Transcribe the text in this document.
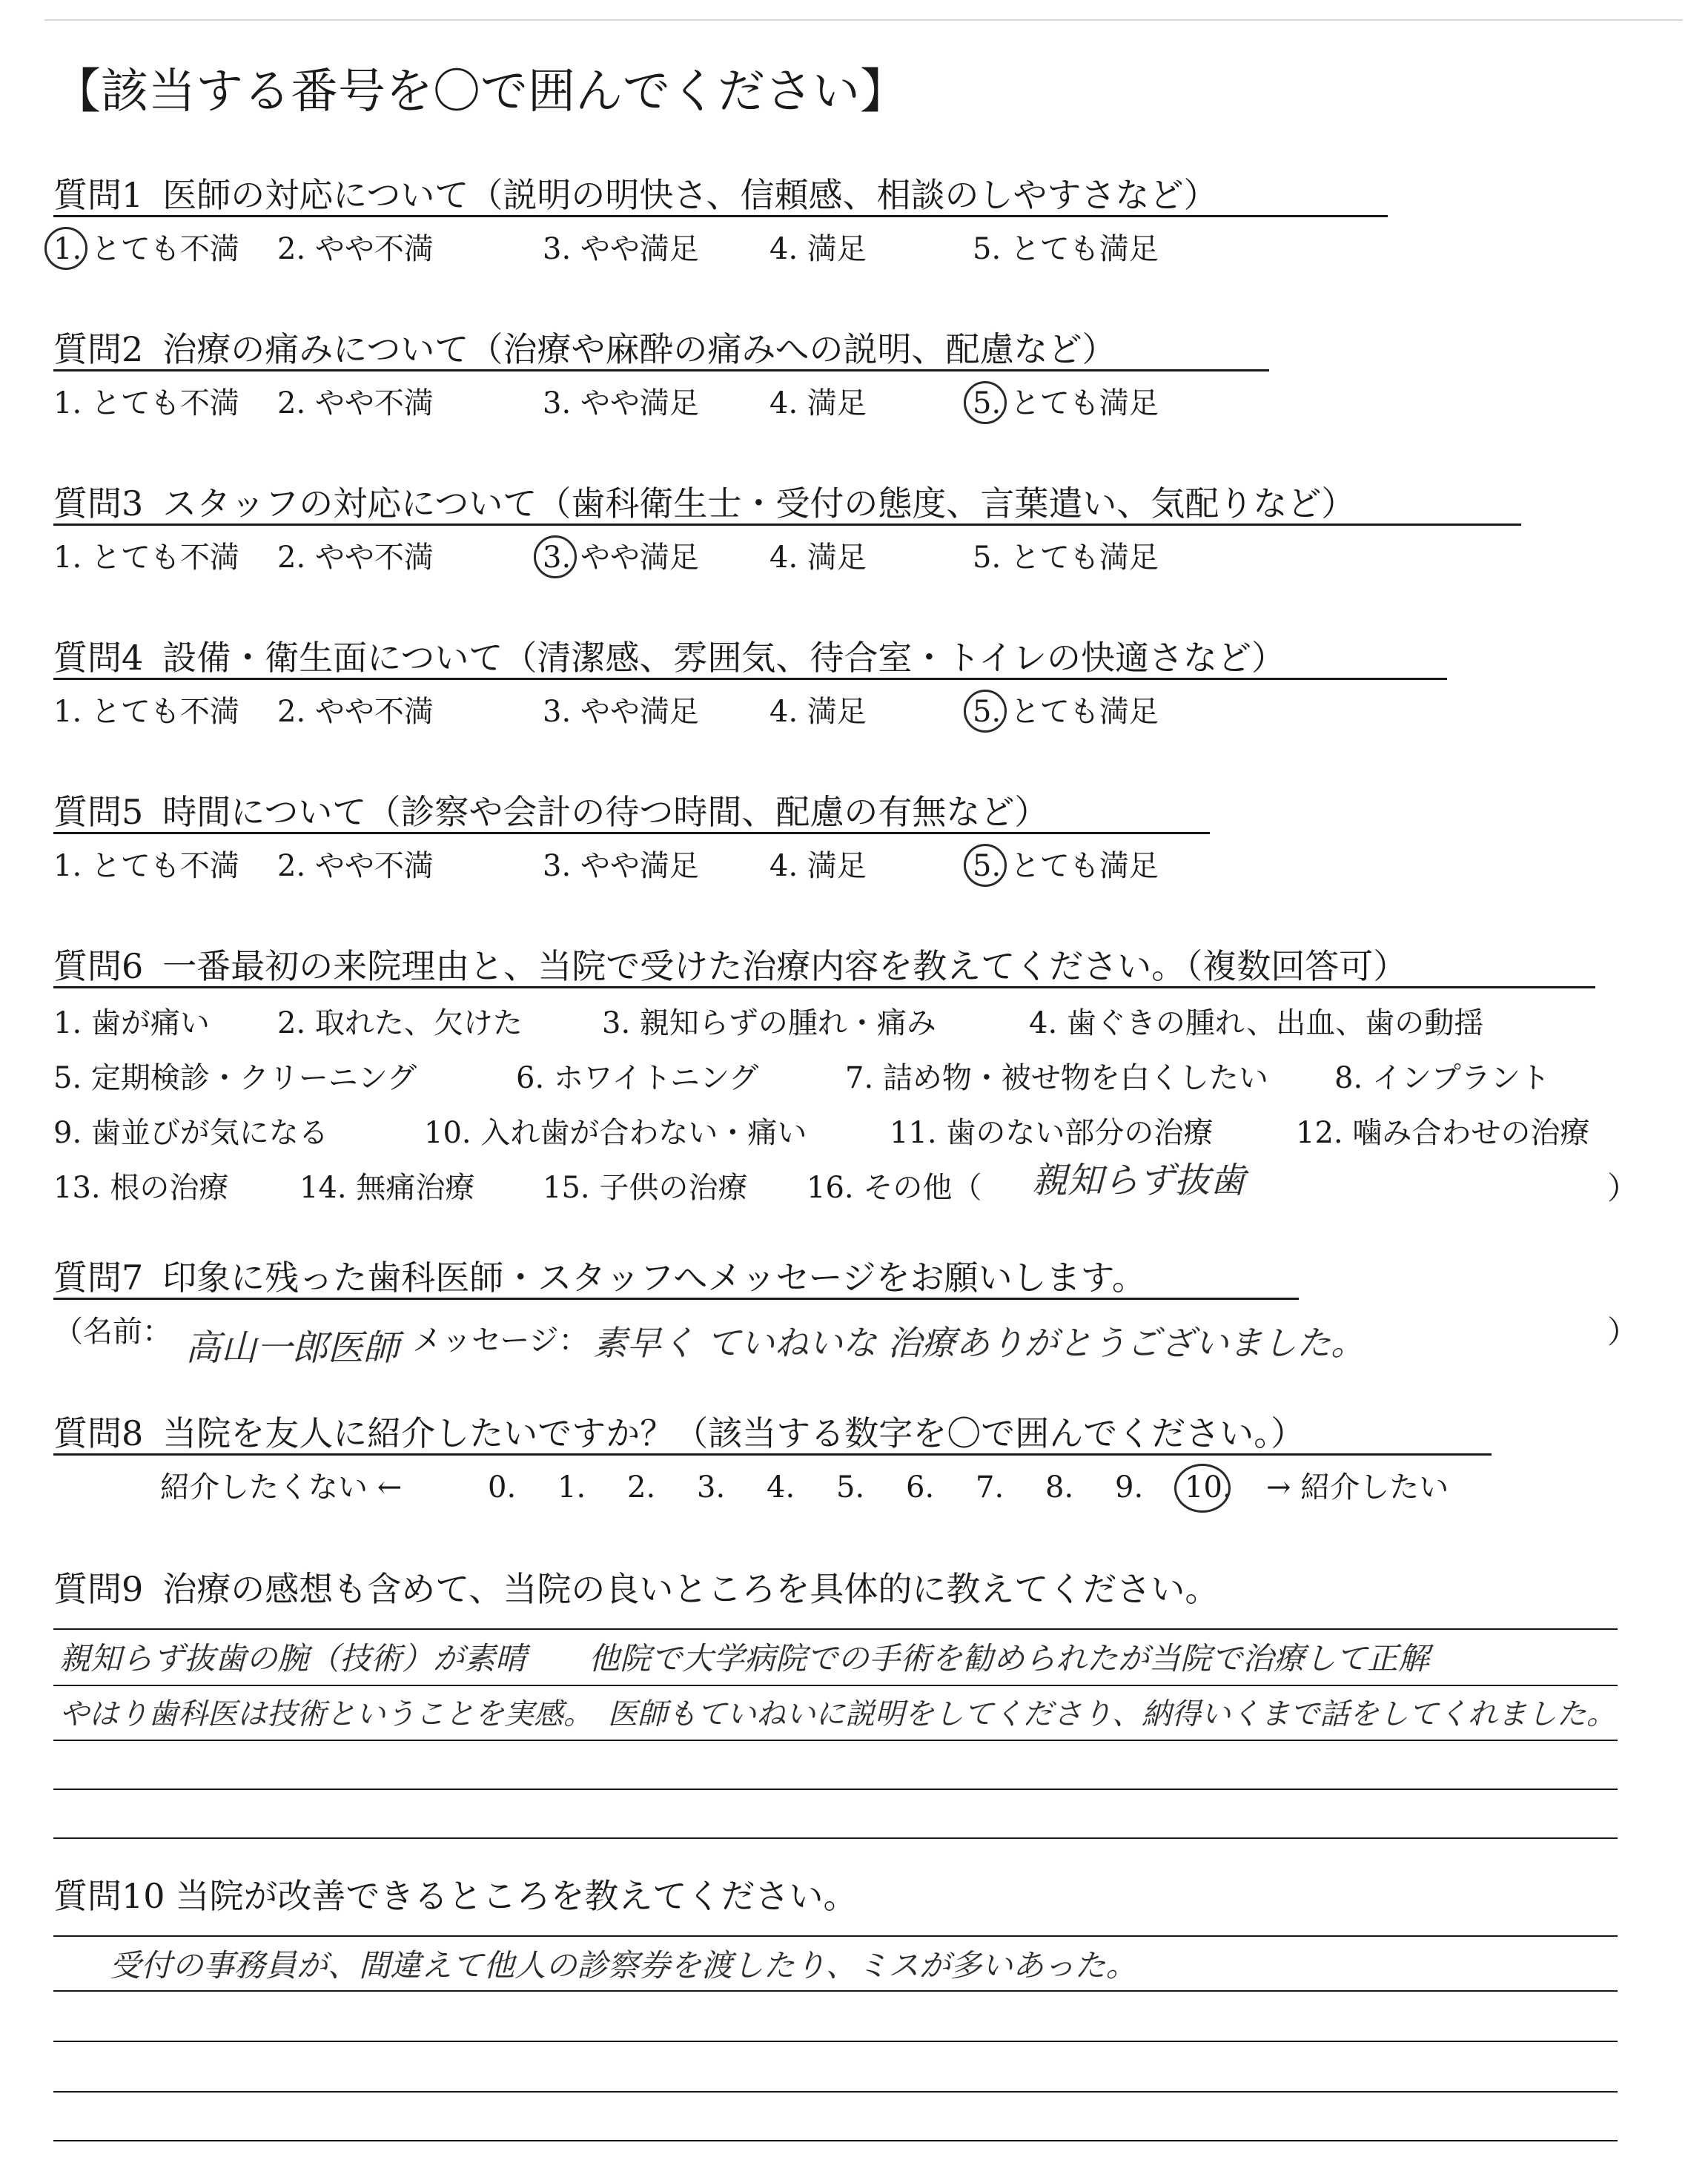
【該当する番号を〇で囲んでください】
質問1 医師の対応について（説明の明快さ、信頼感、相談のしやすさなど）
1. とても不満 2. やや不満	3. やや満足 4. 満足	5. とても満足
質問2 治療の痛みについて（治療や麻酔の痛みへの説明、配慮など）
1. とても不満 2. やや不満	3. やや満足 4. 満足	5. とても満足
質問3 スタッフの対応について（歯科衛生士・受付の態度、言葉遣い、気配りなど）
1. とても不満 2. やや不満	3. やや満足 4. 満足	5. とても満足
質問4 設備・衛生面について（清潔感、雰囲気、待合室・トイレの快適さなど）
1. とても不満 2. やや不満	3. やや満足 4. 満足	5. とても満足
質問5 時間について（診察や会計の待つ時間、配慮の有無など）
1. とても不満 2. やや不満	3. やや満足 4. 満足	5. とても満足
質問6 一番最初の来院理由と、当院で受けた治療内容を教えてください。（複数回答可）
1. 歯が痛い 2. 取れた、欠けた	3. 親知らずの腫れ・痛み	4. 歯ぐきの腫れ、出血、歯の動揺
5. 定期検診・クリーニング	6. ホワイトニング	7. 詰め物・被せ物を白くしたい 8. インプラント
9. 歯並びが気になる	10. 入れ歯が合わない・痛い	11. 歯のない部分の治療	12. 噛み合わせの治療
13. 根の治療 14. 無痛治療 15. 子供の治療 16. その他（ 親知らず抜歯	）
質問7 印象に残った歯科医師・スタッフへメッセージをお願いします。
（名前： 高山一郎医師 メッセージ： 素早く ていねいな 治療ありがとうございました。	）
質問8 当院を友人に紹介したいですか？（該当する数字を〇で囲んでください。）
紹介したくない ←	→ 紹介したい
0. 1. 2. 3. 4. 5. 6. 7. 8. 9. 10.
質問9 治療の感想も含めて、当院の良いところを具体的に教えてください。
親知らず抜歯の腕（技術）が素晴　　他院で大学病院での手術を勧められたが当院で治療して正解
やはり歯科医は技術ということを実感。　医師もていねいに説明をしてくださり、納得いくまで話をしてくれました。
質問10 当院が改善できるところを教えてください。
受付の事務員が、間違えて他人の診察券を渡したり、ミスが多いあった。
